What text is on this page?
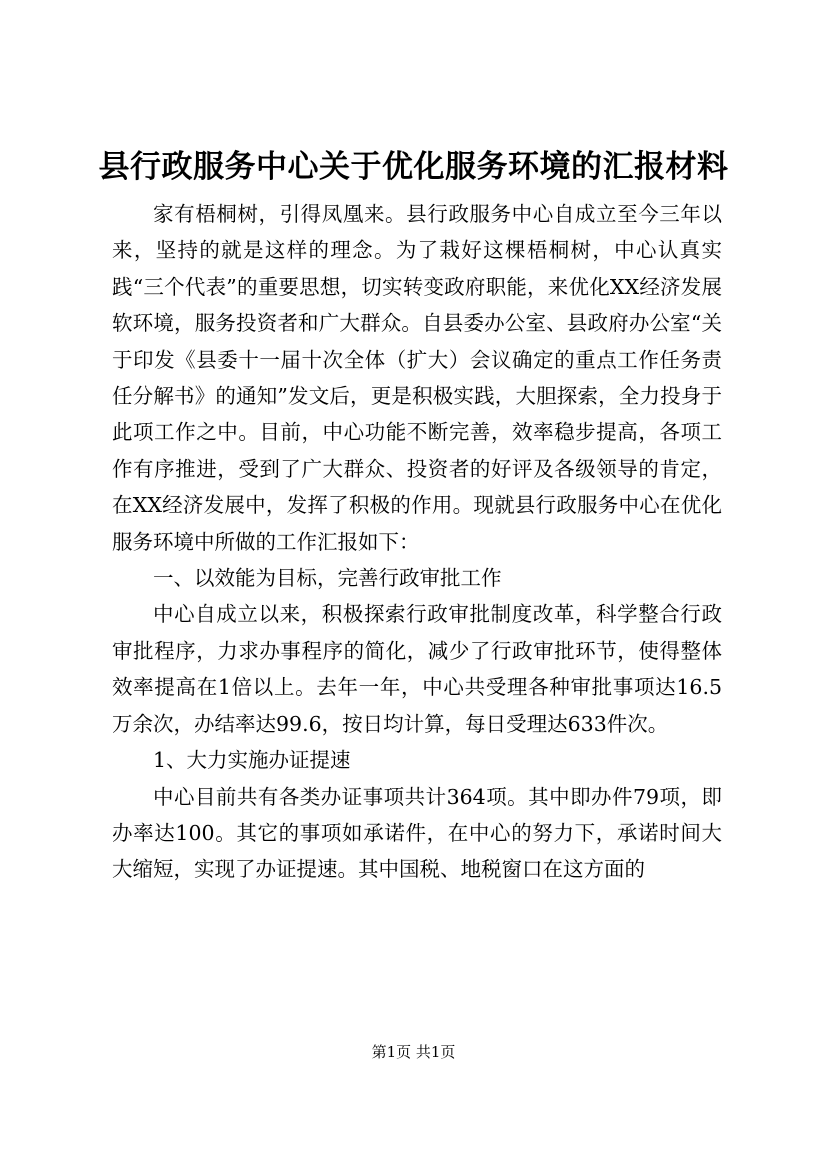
县行政服务中心关于优化服务环境的汇报材料

家有梧桐树，引得凤凰来。县行政服务中心自成立至今三年以来，坚持的就是这样的理念。为了栽好这棵梧桐树，中心认真实践“三个代表”的重要思想，切实转变政府职能，来优化XX经济发展软环境，服务投资者和广大群众。自县委办公室、县政府办公室“关于印发《县委十一届十次全体（扩大）会议确定的重点工作任务责任分解书》的通知”发文后，更是积极实践，大胆探索，全力投身于此项工作之中。目前，中心功能不断完善，效率稳步提高，各项工作有序推进，受到了广大群众、投资者的好评及各级领导的肯定，在XX经济发展中，发挥了积极的作用。现就县行政服务中心在优化服务环境中所做的工作汇报如下：

一、以效能为目标，完善行政审批工作

中心自成立以来，积极探索行政审批制度改革，科学整合行政审批程序，力求办事程序的简化，减少了行政审批环节，使得整体效率提高在1倍以上。去年一年，中心共受理各种审批事项达16.5万余次，办结率达99.6，按日均计算，每日受理达633件次。

1、大力实施办证提速

中心目前共有各类办证事项共计364项。其中即办件79项，即办率达100。其它的事项如承诺件，在中心的努力下，承诺时间大大缩短，实现了办证提速。其中国税、地税窗口在这方面的

第1页 共1页
